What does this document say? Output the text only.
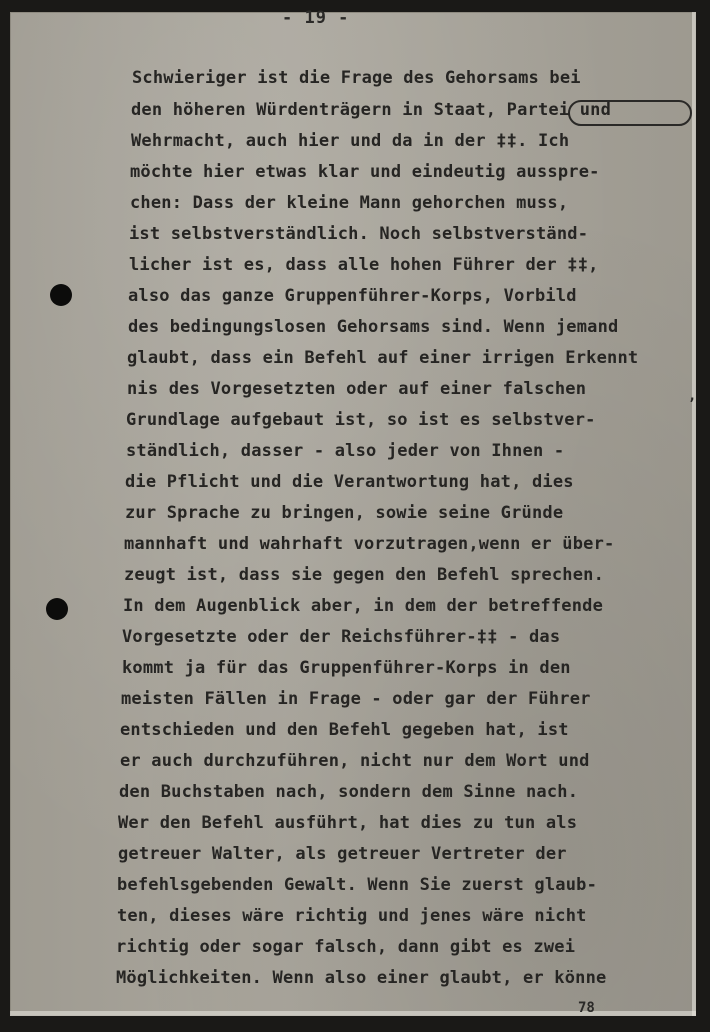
- 19 -
,
Schwieriger ist die Frage des Gehorsams bei
den höheren Würdenträgern in Staat, Partei und
Wehrmacht, auch hier und da in der ‡‡. Ich
möchte hier etwas klar und eindeutig ausspre-
chen: Dass der kleine Mann gehorchen muss,
ist selbstverständlich. Noch selbstverständ-
licher ist es, dass alle hohen Führer der ‡‡,
also das ganze Gruppenführer-Korps, Vorbild
des bedingungslosen Gehorsams sind. Wenn jemand
glaubt, dass ein Befehl auf einer irrigen Erkennt
nis des Vorgesetzten oder auf einer falschen
Grundlage aufgebaut ist, so ist es selbstver-
ständlich, dasser - also jeder von Ihnen -
die Pflicht und die Verantwortung hat, dies
zur Sprache zu bringen, sowie seine Gründe
mannhaft und wahrhaft vorzutragen,wenn er über-
zeugt ist, dass sie gegen den Befehl sprechen.
In dem Augenblick aber, in dem der betreffende
Vorgesetzte oder der Reichsführer-‡‡ - das
kommt ja für das Gruppenführer-Korps in den
meisten Fällen in Frage - oder gar der Führer
entschieden und den Befehl gegeben hat, ist
er auch durchzuführen, nicht nur dem Wort und
den Buchstaben nach, sondern dem Sinne nach.
Wer den Befehl ausführt, hat dies zu tun als
getreuer Walter, als getreuer Vertreter der
befehlsgebenden Gewalt. Wenn Sie zuerst glaub-
ten, dieses wäre richtig und jenes wäre nicht
richtig oder sogar falsch, dann gibt es zwei
Möglichkeiten. Wenn also einer glaubt, er könne
78
